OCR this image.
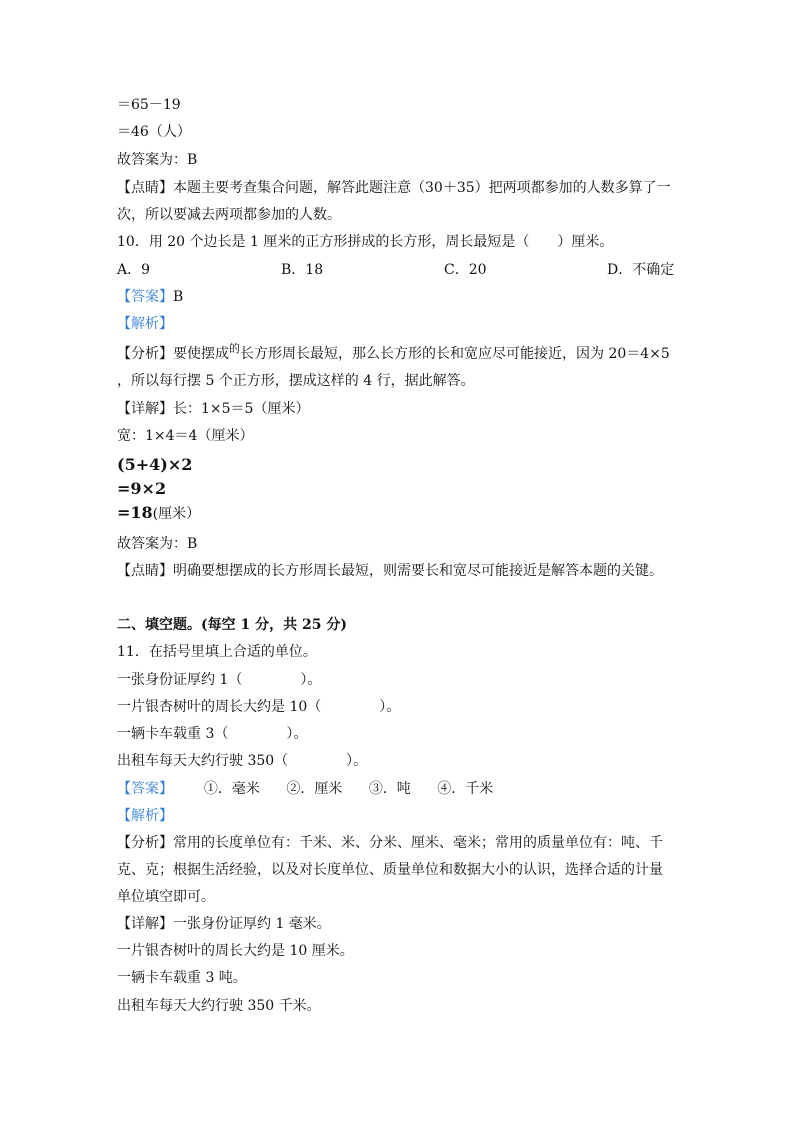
＝65－19
＝46（人）
故答案为：B
【点睛】本题主要考查集合问题，解答此题注意（30＋35）把两项都参加的人数多算了一
次，所以要减去两项都参加的人数。
10．用 20 个边长是 1 厘米的正方形拼成的长方形，周长最短是（　　）厘米。
A．9	B．18	C．20	D．不确定
【答案】B
【解析】
【分析】要使摆成$^的$长方形周长最短，那么长方形的长和宽应尽可能接近，因为 20＝4×5
，所以每行摆 5 个正方形，摆成这样的 4 行，据此解答。
【详解】长：1×5＝5（厘米）
宽：1×4＝4（厘米）
(5+4)×2
=9×2
=18(厘米）
故答案为：B
【点睛】明确要想摆成的长方形周长最短，则需要长和宽尽可能接近是解答本题的关键。
二、填空题。(每空 1 分，共 25 分)
11．在括号里填上合适的单位。
一张身份证厚约 1（	）。
一片银杏树叶的周长大约是 10（	）。
一辆卡车载重 3（	）。
出租车每天大约行驶 350（	）。
【答案】 ①．毫米 ②．厘米 ③．吨 ④．千米
【解析】
【分析】常用的长度单位有：千米、米、分米、厘米、毫米；常用的质量单位有：吨、千
克、克；根据生活经验，以及对长度单位、质量单位和数据大小的认识，选择合适的计量
单位填空即可。
【详解】一张身份证厚约 1 毫米。
一片银杏树叶的周长大约是 10 厘米。
一辆卡车载重 3 吨。
出租车每天大约行驶 350 千米。
